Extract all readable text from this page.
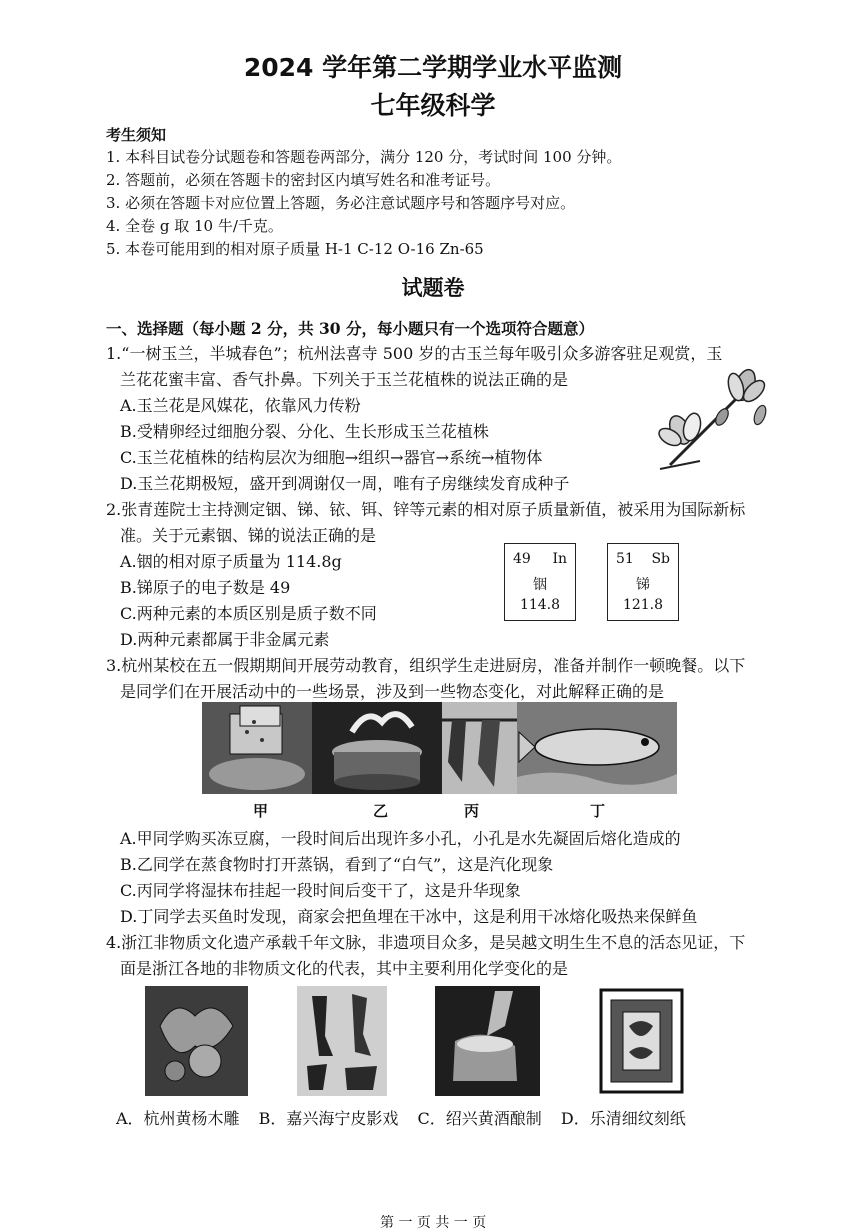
2024 学年第二学期学业水平监测
七年级科学
考生须知
1. 本科目试卷分试题卷和答题卷两部分，满分 120 分，考试时间 100 分钟。
2. 答题前，必须在答题卡的密封区内填写姓名和准考证号。
3. 必须在答题卡对应位置上答题，务必注意试题序号和答题序号对应。
4. 全卷 g 取 10 牛/千克。
5. 本卷可能用到的相对原子质量 H-1 C-12 O-16 Zn-65
试题卷
一、选择题（每小题 2 分，共 30 分，每小题只有一个选项符合题意）
1.“一树玉兰，半城春色”；杭州法喜寺 500 岁的古玉兰每年吸引众多游客驻足观赏，玉
兰花花蜜丰富、香气扑鼻。下列关于玉兰花植株的说法正确的是
A.玉兰花是风媒花，依靠风力传粉
B.受精卵经过细胞分裂、分化、生长形成玉兰花植株
C.玉兰花植株的结构层次为细胞→组织→器官→系统→植物体
D.玉兰花期极短，盛开到凋谢仅一周，唯有子房继续发育成种子
2.张青莲院士主持测定铟、锑、铱、铒、锌等元素的相对原子质量新值，被采用为国际新标
准。关于元素铟、锑的说法正确的是
A.铟的相对原子质量为 114.8g
B.锑原子的电子数是 49
C.两种元素的本质区别是质子数不同
D.两种元素都属于非金属元素
49 In
铟
114.8
51 Sb
锑
121.8
3.杭州某校在五一假期期间开展劳动教育，组织学生走进厨房，准备并制作一顿晚餐。以下
是同学们在开展活动中的一些场景，涉及到一些物态变化，对此解释正确的是
甲	乙	丙	丁
A.甲同学购买冻豆腐，一段时间后出现许多小孔，小孔是水先凝固后熔化造成的
B.乙同学在蒸食物时打开蒸锅，看到了“白气”，这是汽化现象
C.丙同学将湿抹布挂起一段时间后变干了，这是升华现象
D.丁同学去买鱼时发现，商家会把鱼埋在干冰中，这是利用干冰熔化吸热来保鲜鱼
4.浙江非物质文化遗产承载千年文脉，非遗项目众多，是吴越文明生生不息的活态见证，下
面是浙江各地的非物质文化的代表，其中主要利用化学变化的是
A．杭州黄杨木雕 B．嘉兴海宁皮影戏 C．绍兴黄酒酿制 D．乐清细纹刻纸
第 一 页 共 一 页
